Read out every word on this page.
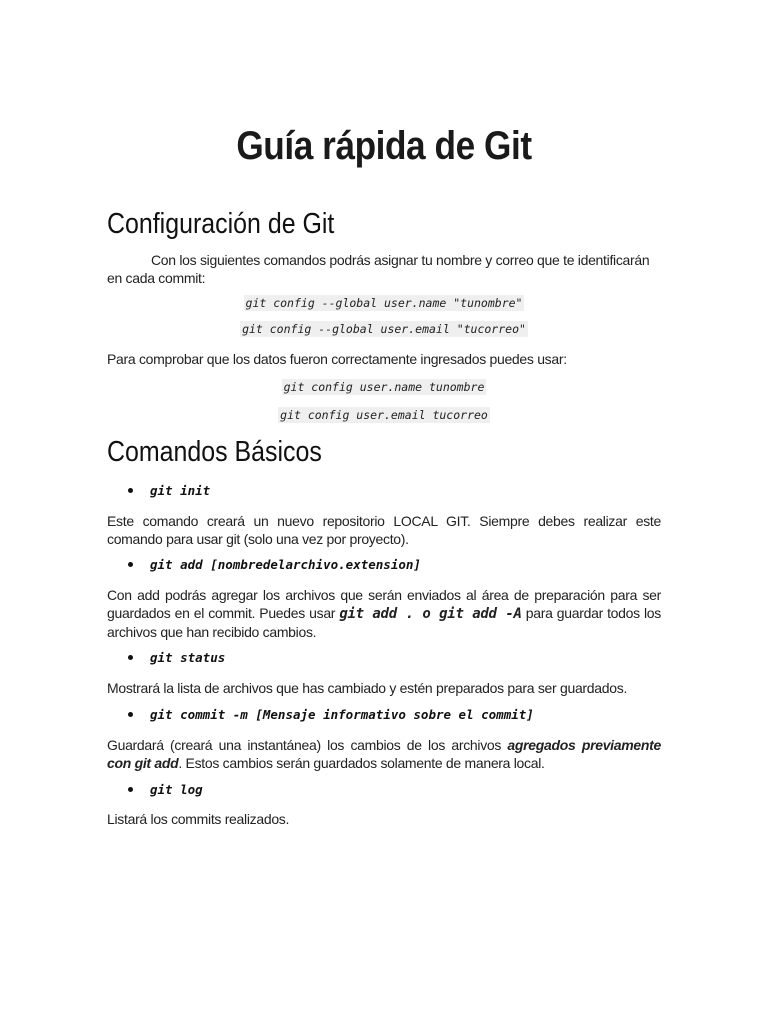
Guía rápida de Git
Configuración de Git
Con los siguientes comandos podrás asignar tu nombre y correo que te identificarán en cada commit:
git config --global user.name "tunombre"
git config --global user.email "tucorreo"
Para comprobar que los datos fueron correctamente ingresados puedes usar:
git config user.name tunombre
git config user.email tucorreo
Comandos Básicos
git init
Este comando creará un nuevo repositorio LOCAL GIT. Siempre debes realizar este comando para usar git (solo una vez por proyecto).
git add [nombredelarchivo.extension]
Con add podrás agregar los archivos que serán enviados al área de preparación para ser guardados en el commit. Puedes usar git add . o git add -A para guardar todos los archivos que han recibido cambios.
git status
Mostrará la lista de archivos que has cambiado y estén preparados para ser guardados.
git commit -m [Mensaje informativo sobre el commit]
Guardará (creará una instantánea) los cambios de los archivos agregados previamente con git add. Estos cambios serán guardados solamente de manera local.
git log
Listará los commits realizados.
